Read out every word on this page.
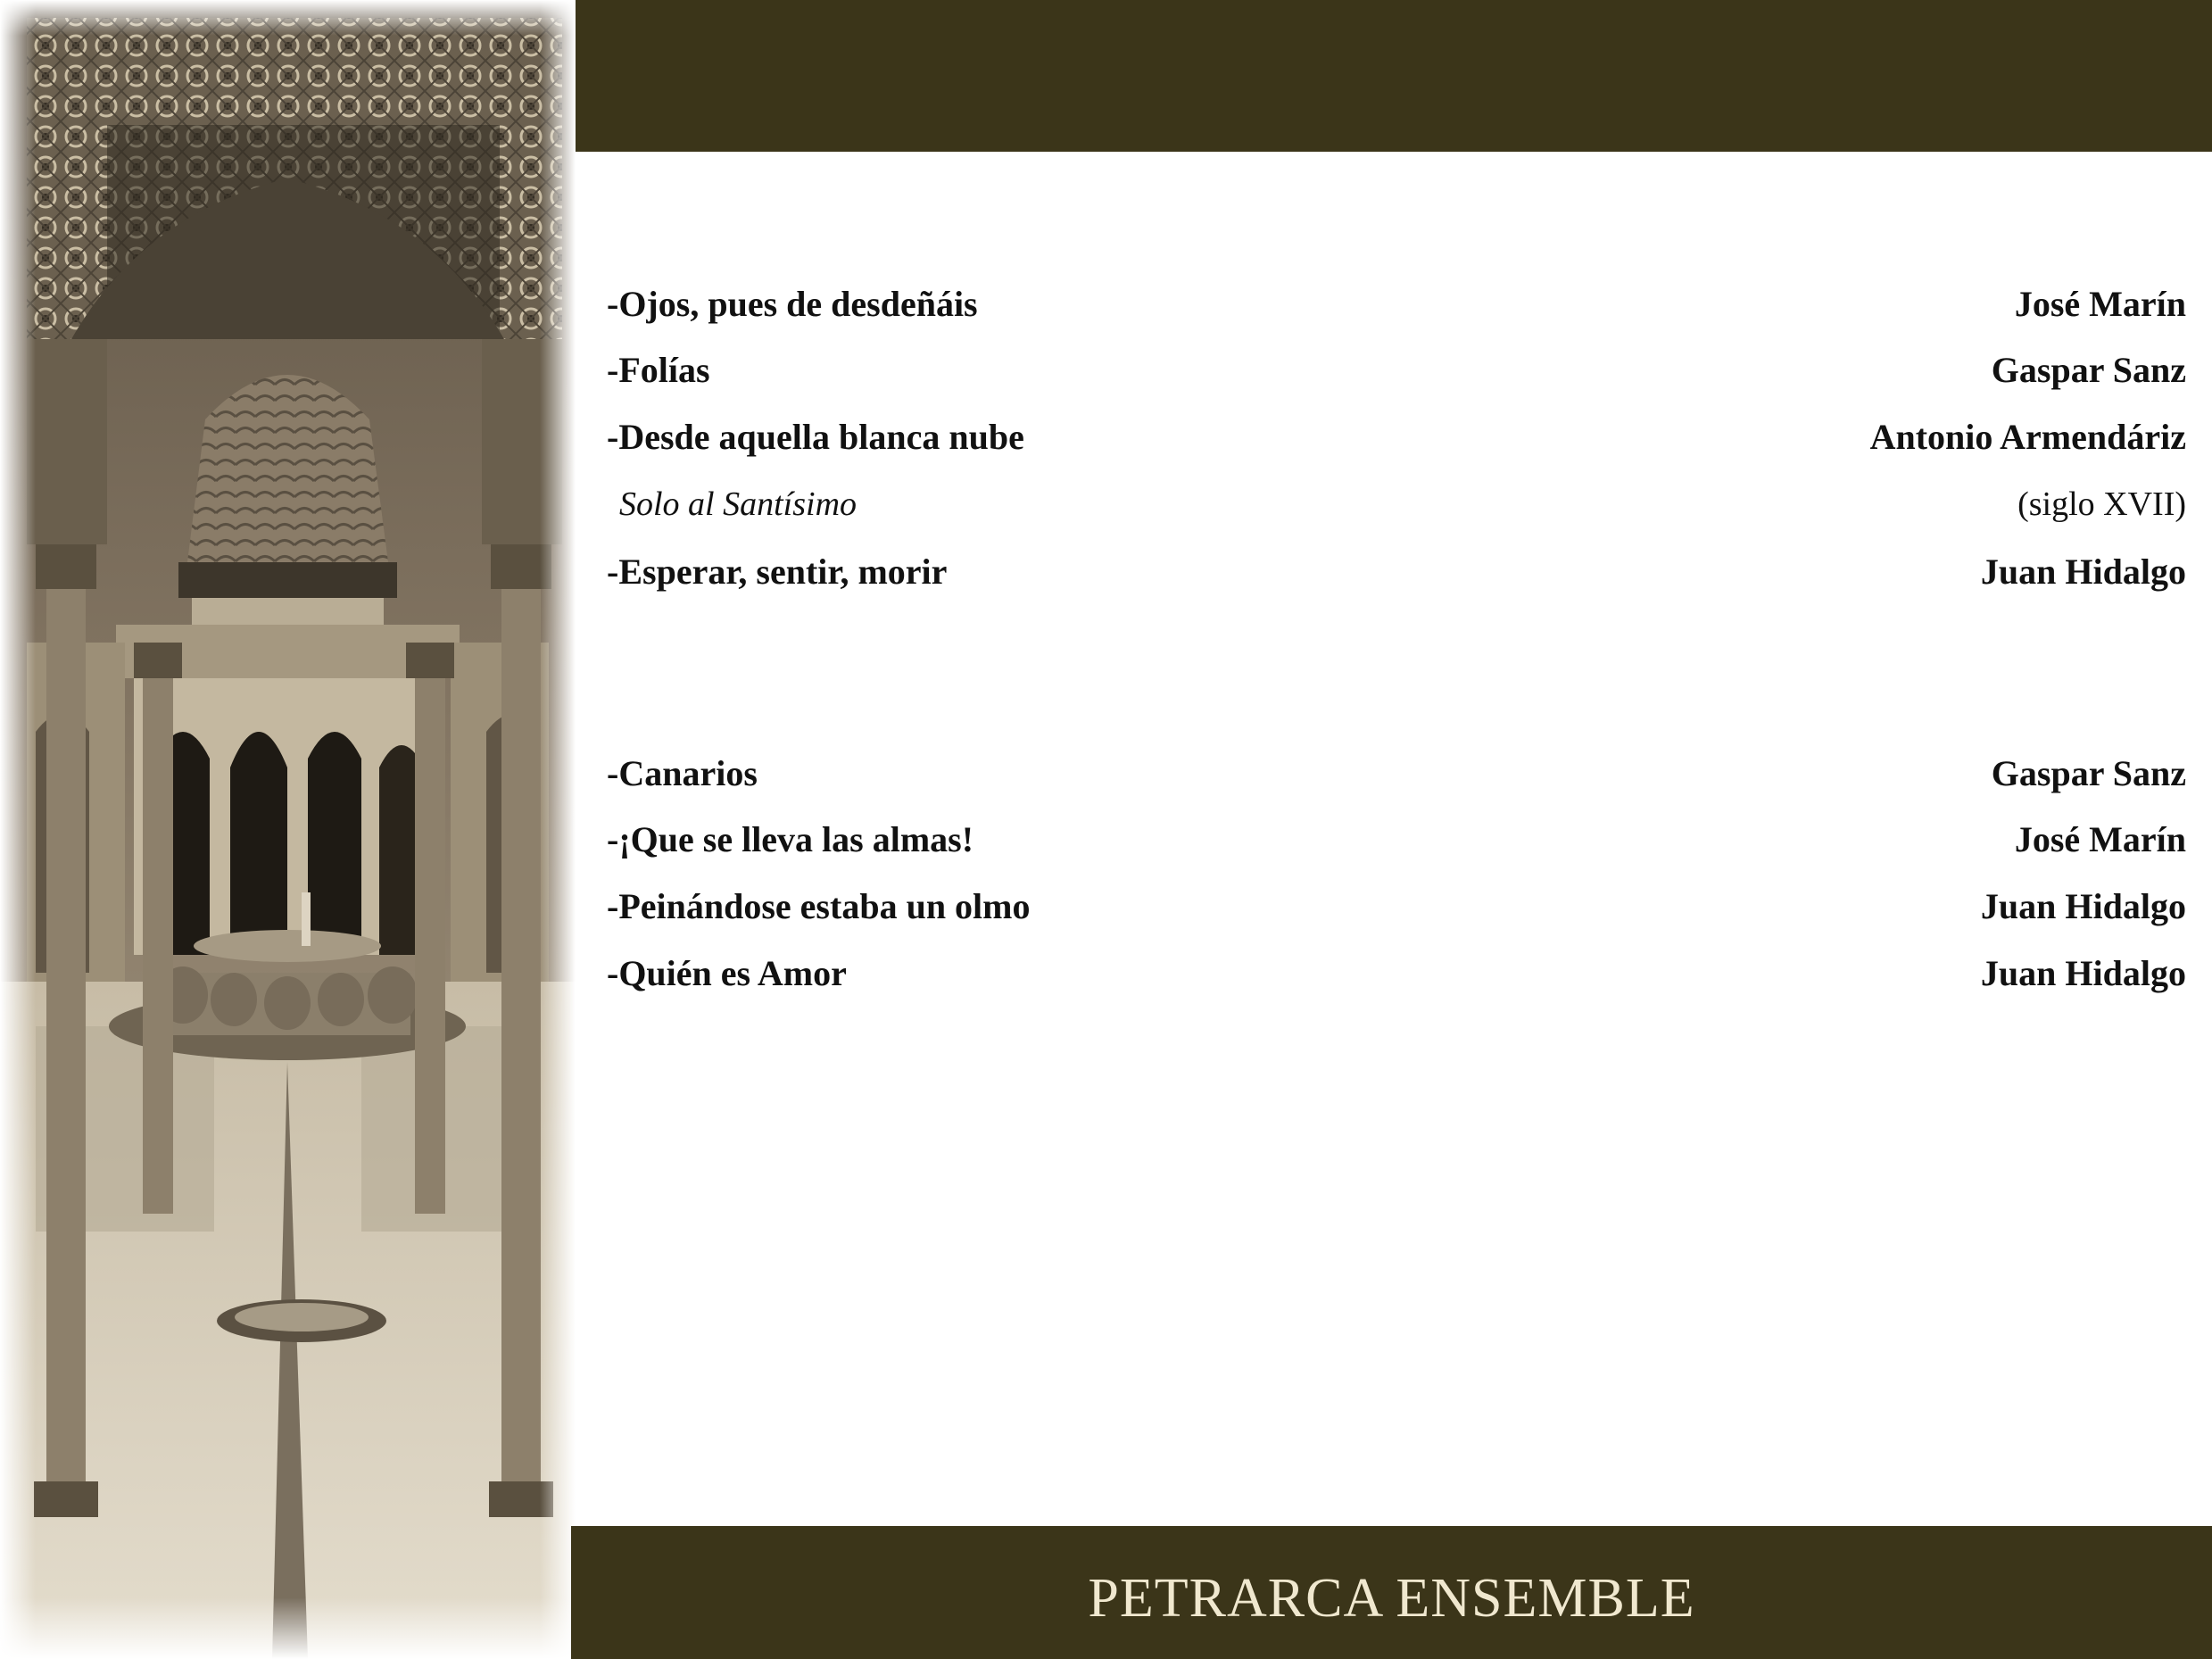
-Ojos, pues de desdeñáis	José Marín
-Folías	Gaspar Sanz
-Desde aquella blanca nube	Antonio Armendáriz
Solo al Santísimo	(siglo XVII)
-Esperar, sentir, morir	Juan Hidalgo
-Canarios	Gaspar Sanz
-¡Que se lleva las almas!	José Marín
-Peinándose estaba un olmo	Juan Hidalgo
-Quién es Amor	Juan Hidalgo
PETRARCA ENSEMBLE
